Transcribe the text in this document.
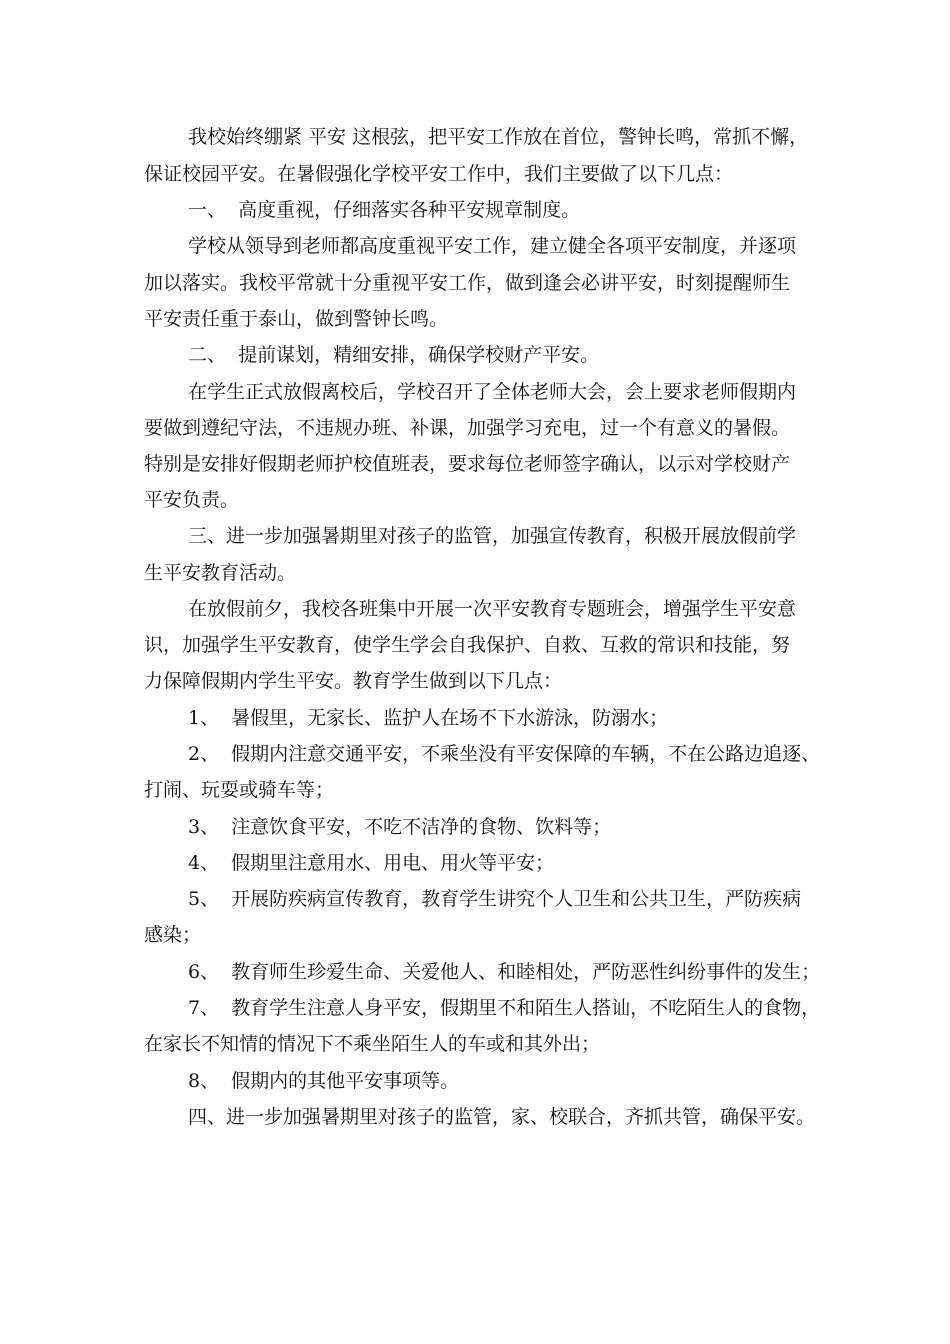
我校始终绷紧 平安 这根弦，把平安工作放在首位，警钟长鸣，常抓不懈，
保证校园平安。在暑假强化学校平安工作中，我们主要做了以下几点：
一、  高度重视，仔细落实各种平安规章制度。
学校从领导到老师都高度重视平安工作，建立健全各项平安制度，并逐项
加以落实。我校平常就十分重视平安工作，做到逢会必讲平安，时刻提醒师生
平安责任重于泰山，做到警钟长鸣。
二、  提前谋划，精细安排，确保学校财产平安。
在学生正式放假离校后，学校召开了全体老师大会，会上要求老师假期内
要做到遵纪守法，不违规办班、补课，加强学习充电，过一个有意义的暑假。
特别是安排好假期老师护校值班表，要求每位老师签字确认，以示对学校财产
平安负责。
三、进一步加强暑期里对孩子的监管，加强宣传教育，积极开展放假前学
生平安教育活动。
在放假前夕，我校各班集中开展一次平安教育专题班会，增强学生平安意
识，加强学生平安教育，使学生学会自我保护、自救、互救的常识和技能，努
力保障假期内学生平安。教育学生做到以下几点：
1、  暑假里，无家长、监护人在场不下水游泳，防溺水；
2、  假期内注意交通平安，不乘坐没有平安保障的车辆，不在公路边追逐、
打闹、玩耍或骑车等；
3、  注意饮食平安，不吃不洁净的食物、饮料等；
4、  假期里注意用水、用电、用火等平安；
5、  开展防疾病宣传教育，教育学生讲究个人卫生和公共卫生，严防疾病
感染；
6、  教育师生珍爱生命、关爱他人、和睦相处，严防恶性纠纷事件的发生；
7、  教育学生注意人身平安，假期里不和陌生人搭讪，不吃陌生人的食物，
在家长不知情的情况下不乘坐陌生人的车或和其外出；
8、  假期内的其他平安事项等。
四、进一步加强暑期里对孩子的监管，家、校联合，齐抓共管，确保平安。
